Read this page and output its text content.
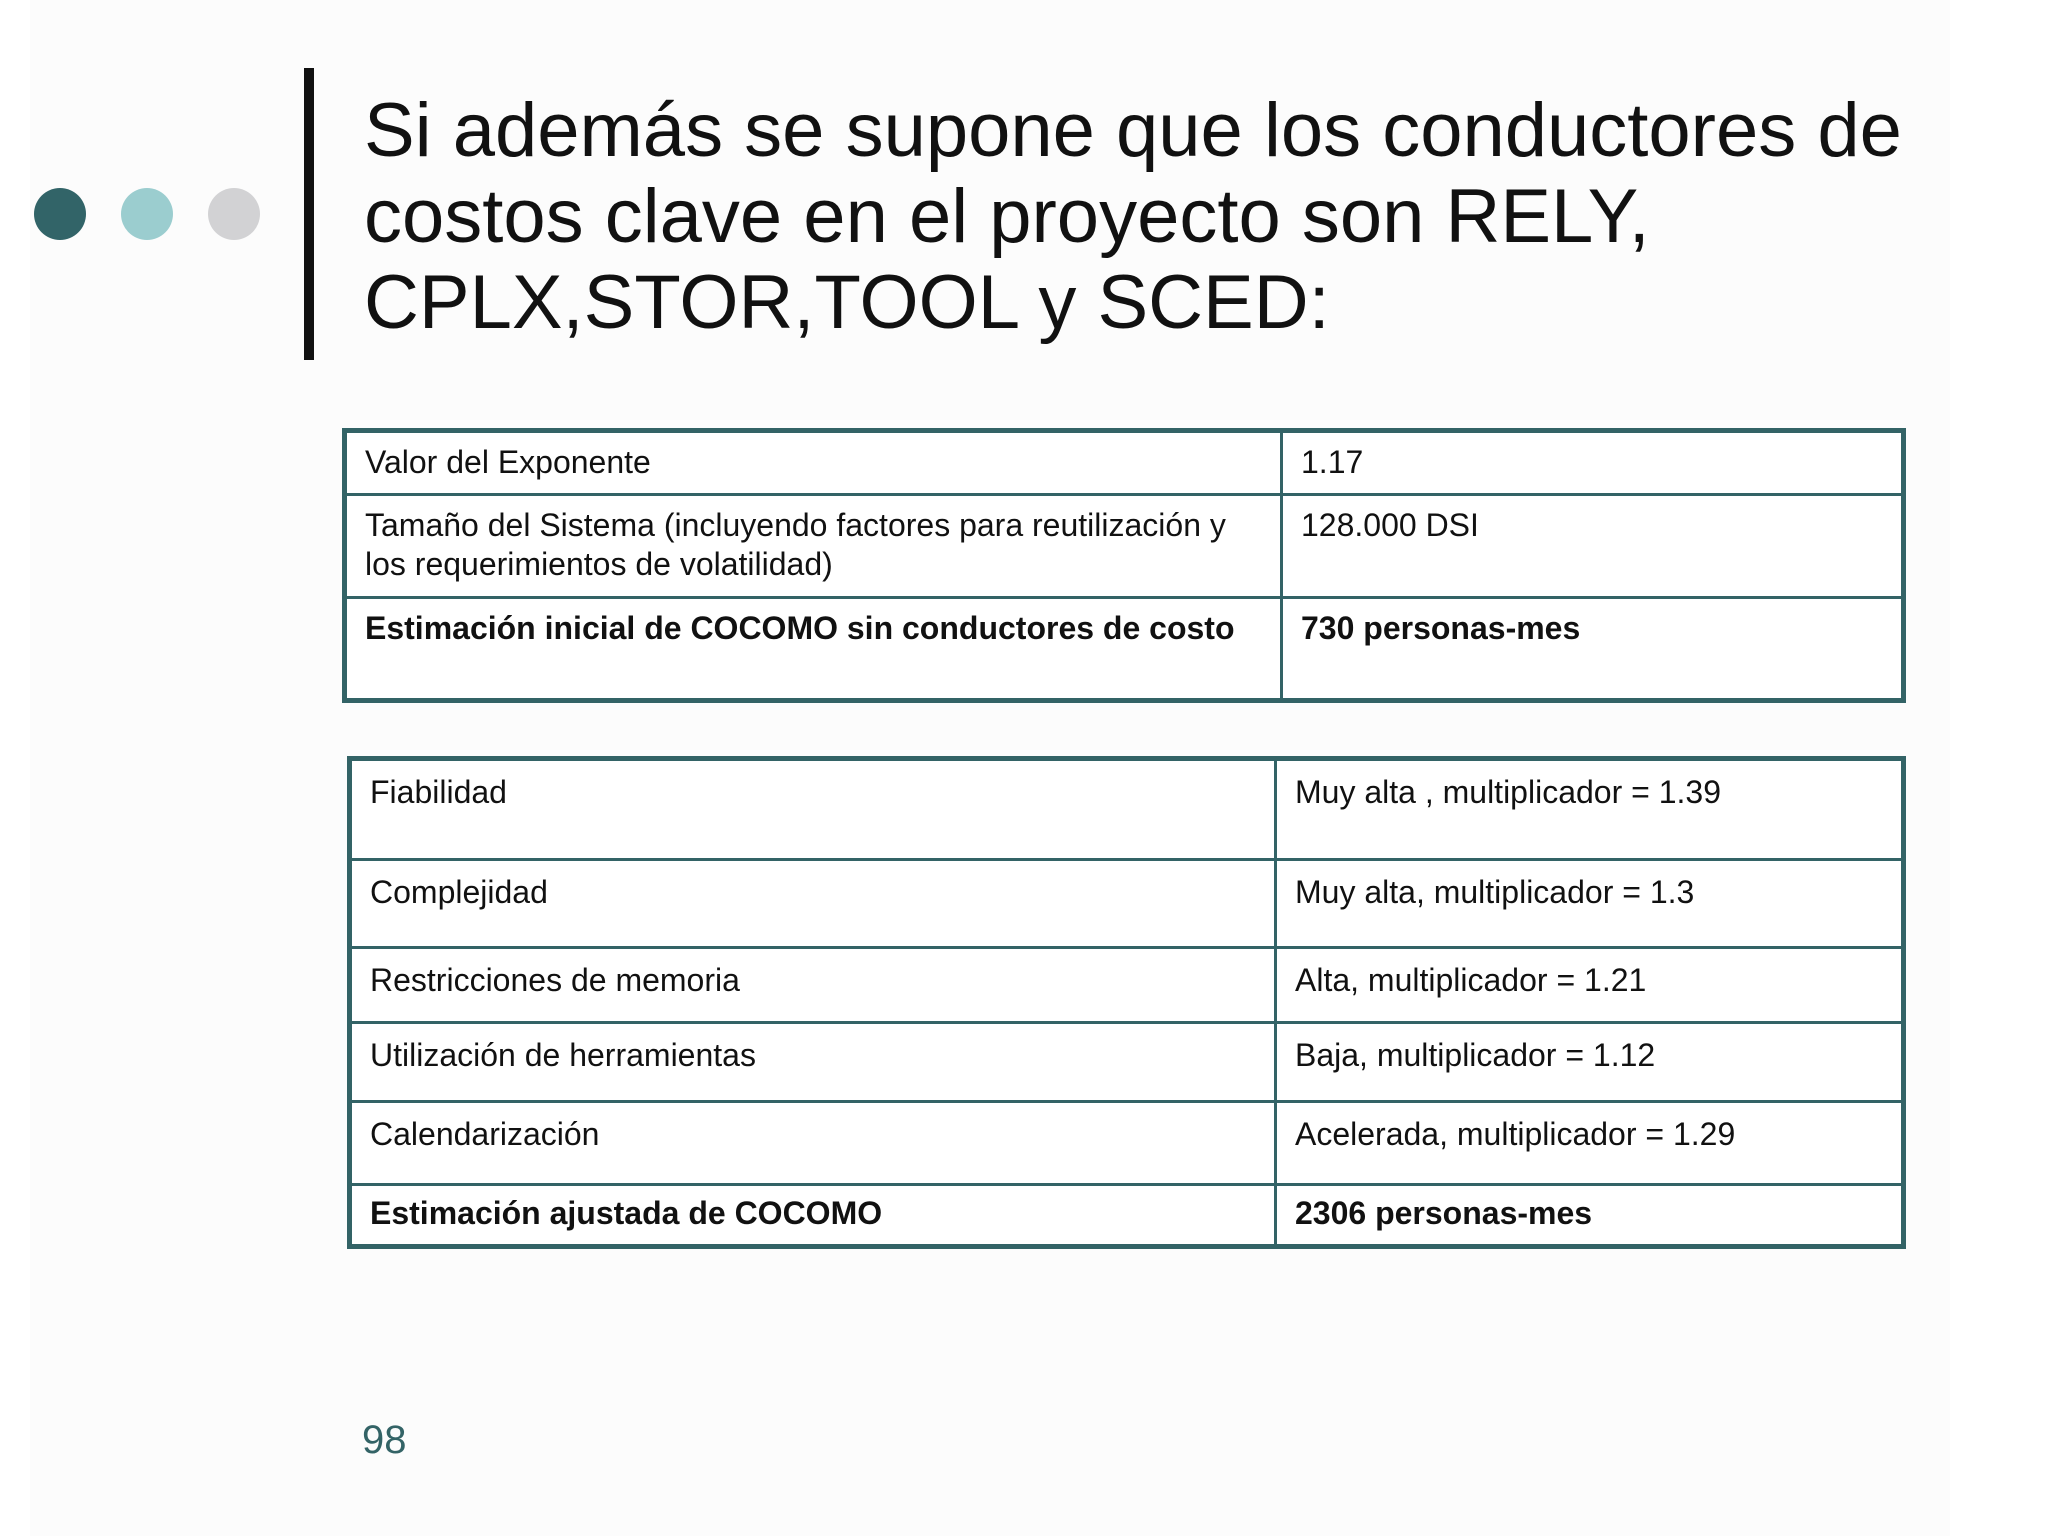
Si además se supone que los conductores de
costos clave en el proyecto son RELY,
CPLX,STOR,TOOL y SCED:
Valor del Exponente	1.17
Tamaño del Sistema (incluyendo factores para reutilización y los requerimientos de volatilidad)	128.000 DSI
Estimación inicial de COCOMO sin conductores de costo	730 personas-mes
Fiabilidad	Muy alta , multiplicador = 1.39
Complejidad	Muy alta, multiplicador = 1.3
Restricciones de memoria	Alta, multiplicador = 1.21
Utilización de herramientas	Baja, multiplicador = 1.12
Calendarización	Acelerada, multiplicador = 1.29
Estimación ajustada de COCOMO	2306 personas-mes
98
